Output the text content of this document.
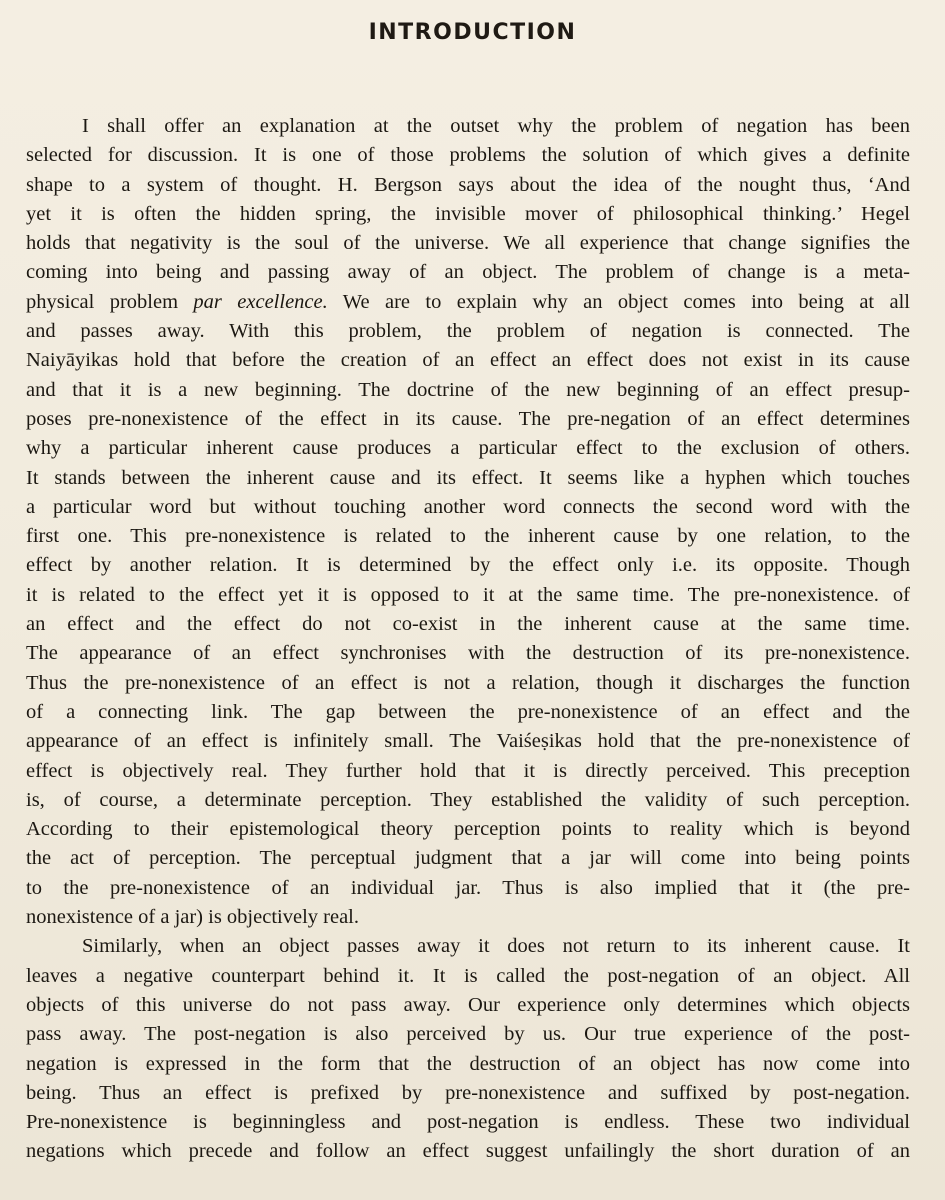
INTRODUCTION
I shall offer an explanation at the outset why the problem of negation has been
selected for discussion. It is one of those problems the solution of which gives a definite
shape to a system of thought. H. Bergson says about the idea of the nought thus, ‘And
yet it is often the hidden spring, the invisible mover of philosophical thinking.’ Hegel
holds that negativity is the soul of the universe. We all experience that change signifies the
coming into being and passing away of an object. The problem of change is a meta-
physical problem par excellence. We are to explain why an object comes into being at all
and passes away. With this problem, the problem of negation is connected. The
Naiyāyikas hold that before the creation of an effect an effect does not exist in its cause
and that it is a new beginning. The doctrine of the new beginning of an effect presup-
poses pre-nonexistence of the effect in its cause. The pre-negation of an effect determines
why a particular inherent cause produces a particular effect to the exclusion of others.
It stands between the inherent cause and its effect. It seems like a hyphen which touches
a particular word but without touching another word connects the second word with the
first one. This pre-nonexistence is related to the inherent cause by one relation, to the
effect by another relation. It is determined by the effect only i.e. its opposite. Though
it is related to the effect yet it is opposed to it at the same time. The pre-nonexistence. of
an effect and the effect do not co-exist in the inherent cause at the same time.
The appearance of an effect synchronises with the destruction of its pre-nonexistence.
Thus the pre-nonexistence of an effect is not a relation, though it discharges the function
of a connecting link. The gap between the pre-nonexistence of an effect and the
appearance of an effect is infinitely small. The Vaiśeṣikas hold that the pre-nonexistence of
effect is objectively real. They further hold that it is directly perceived. This preception
is, of course, a determinate perception. They established the validity of such perception.
According to their epistemological theory perception points to reality which is beyond
the act of perception. The perceptual judgment that a jar will come into being points
to the pre-nonexistence of an individual jar. Thus is also implied that it (the pre-
nonexistence of a jar) is objectively real.
Similarly, when an object passes away it does not return to its inherent cause. It
leaves a negative counterpart behind it. It is called the post-negation of an object. All
objects of this universe do not pass away. Our experience only determines which objects
pass away. The post-negation is also perceived by us. Our true experience of the post-
negation is expressed in the form that the destruction of an object has now come into
being. Thus an effect is prefixed by pre-nonexistence and suffixed by post-negation.
Pre-nonexistence is beginningless and post-negation is endless. These two individual
negations which precede and follow an effect suggest unfailingly the short duration of an
